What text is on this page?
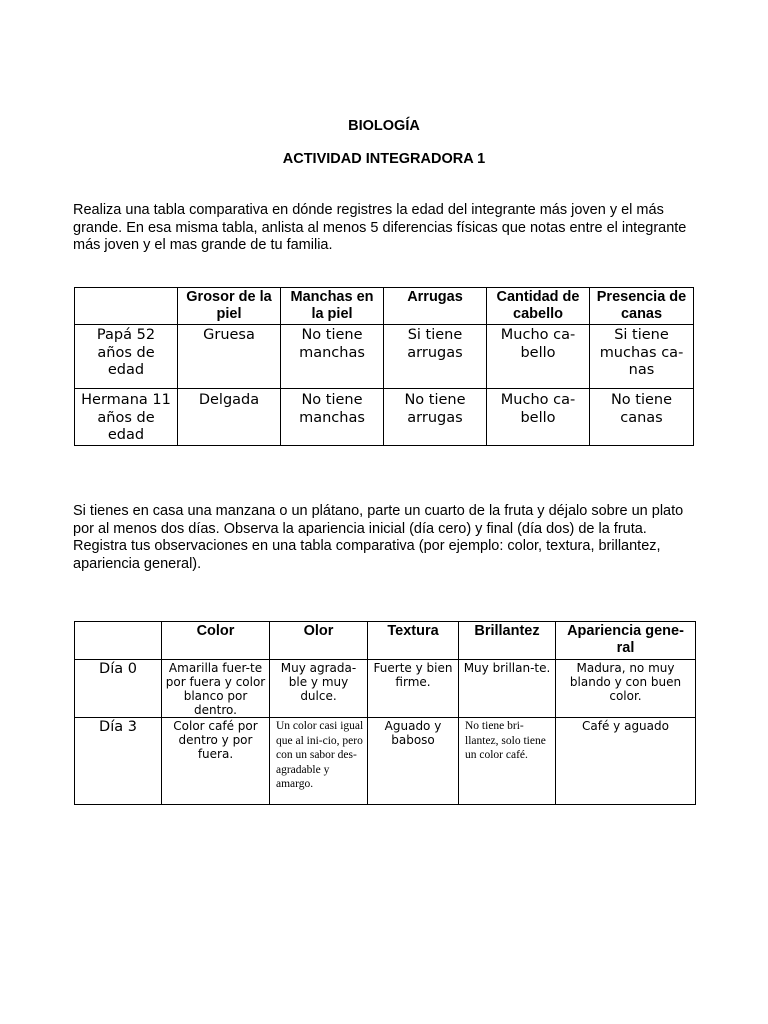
BIOLOGÍA
ACTIVIDAD INTEGRADORA 1
Realiza una tabla comparativa en dónde registres la edad del integrante más joven y el más grande. En esa misma tabla, anlista al menos 5 diferencias físicas que notas entre el integrante más joven y el mas grande de tu familia.
	Grosor de la piel	Manchas en la piel	Arrugas	Cantidad de cabello	Presencia de canas
Papá 52 años de edad	Gruesa	No tiene manchas	Si tiene arrugas	Mucho ca-bello	Si tiene muchas ca-nas
Hermana 11 años de edad	Delgada	No tiene manchas	No tiene arrugas	Mucho ca-bello	No tiene canas
Si tienes en casa una manzana o un plátano, parte un cuarto de la fruta y déjalo sobre un plato por al menos dos días. Observa la apariencia inicial (día cero) y final (día dos) de la fruta. Registra tus observaciones en una tabla comparativa (por ejemplo: color, textura, brillantez, apariencia general).
	Color	Olor	Textura	Brillantez	Apariencia gene-ral
Día 0	Amarilla fuer-te por fuera y color blanco por dentro.	Muy agrada-ble y muy dulce.	Fuerte y bien firme.	Muy brillan-te.	Madura, no muy blando y con buen color.
Día 3	Color café por dentro y por fuera.	Un color casi igual que al ini-cio, pero con un sabor des-agradable y amargo.	Aguado y baboso	No tiene bri-llantez, solo tiene un color café.	Café y aguado
